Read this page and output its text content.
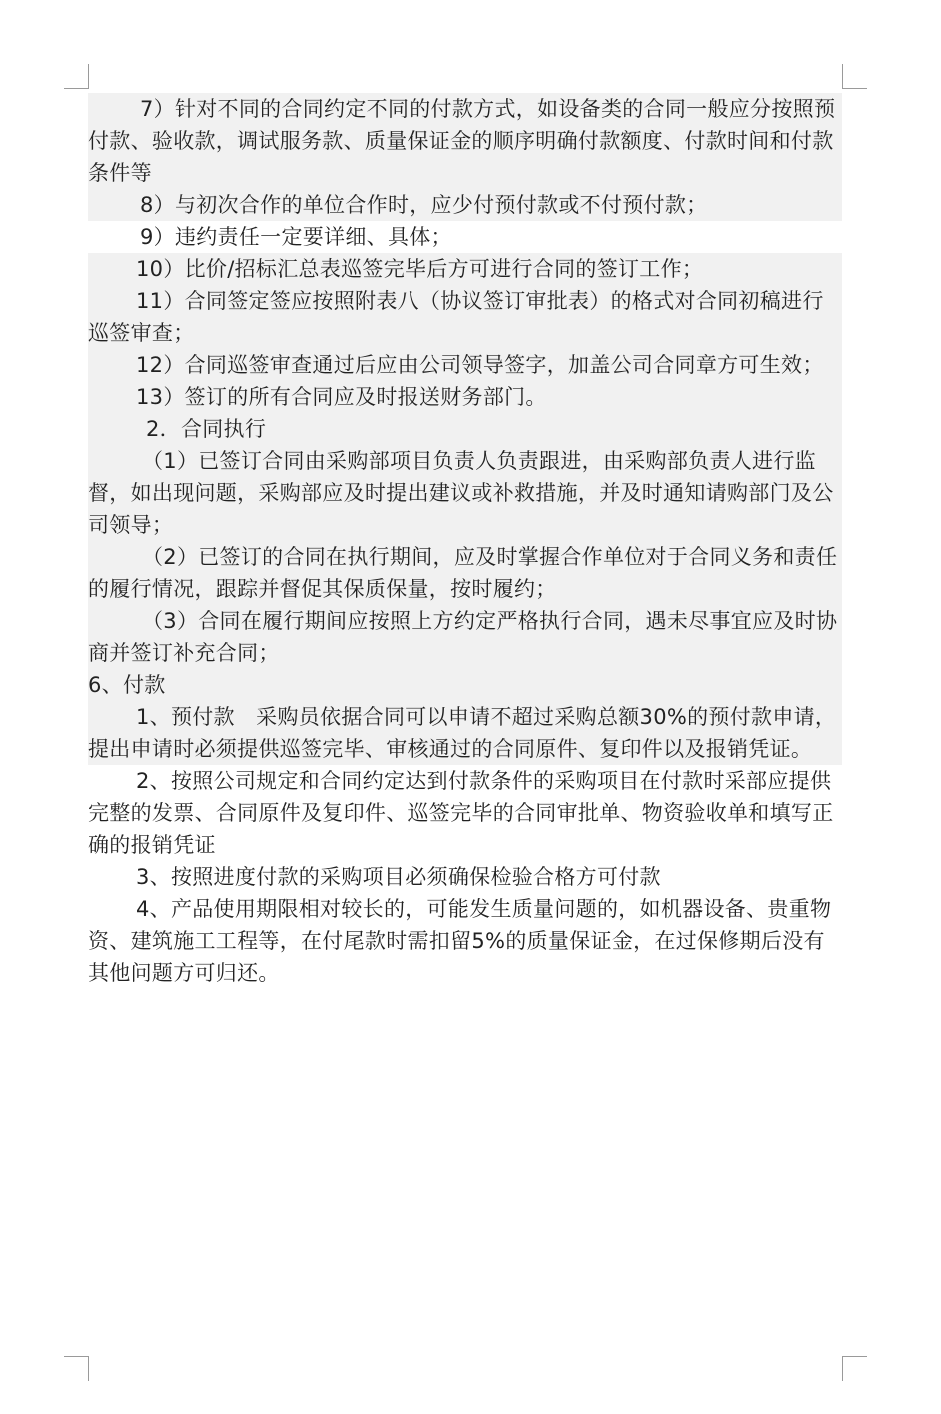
7）针对不同的合同约定不同的付款方式，如设备类的合同一般应分按照预付款、验收款，调试服务款、质量保证金的顺序明确付款额度、付款时间和付款条件等

8）与初次合作的单位合作时，应少付预付款或不付预付款；

9）违约责任一定要详细、具体；

10）比价/招标汇总表巡签完毕后方可进行合同的签订工作；

11）合同签定签应按照附表八（协议签订审批表）的格式对合同初稿进行巡签审查；

12）合同巡签审查通过后应由公司领导签字，加盖公司合同章方可生效；

13）签订的所有合同应及时报送财务部门。

2．合同执行

（1）已签订合同由采购部项目负责人负责跟进，由采购部负责人进行监督，如出现问题，采购部应及时提出建议或补救措施，并及时通知请购部门及公司领导；

（2）已签订的合同在执行期间，应及时掌握合作单位对于合同义务和责任的履行情况，跟踪并督促其保质保量，按时履约；

（3）合同在履行期间应按照上方约定严格执行合同，遇未尽事宜应及时协商并签订补充合同；

6、付款

1、预付款　采购员依据合同可以申请不超过采购总额30%的预付款申请，提出申请时必须提供巡签完毕、审核通过的合同原件、复印件以及报销凭证。

2、按照公司规定和合同约定达到付款条件的采购项目在付款时采部应提供完整的发票、合同原件及复印件、巡签完毕的合同审批单、物资验收单和填写正确的报销凭证

3、按照进度付款的采购项目必须确保检验合格方可付款

4、产品使用期限相对较长的，可能发生质量问题的，如机器设备、贵重物资、建筑施工工程等，在付尾款时需扣留5%的质量保证金，在过保修期后没有其他问题方可归还。
